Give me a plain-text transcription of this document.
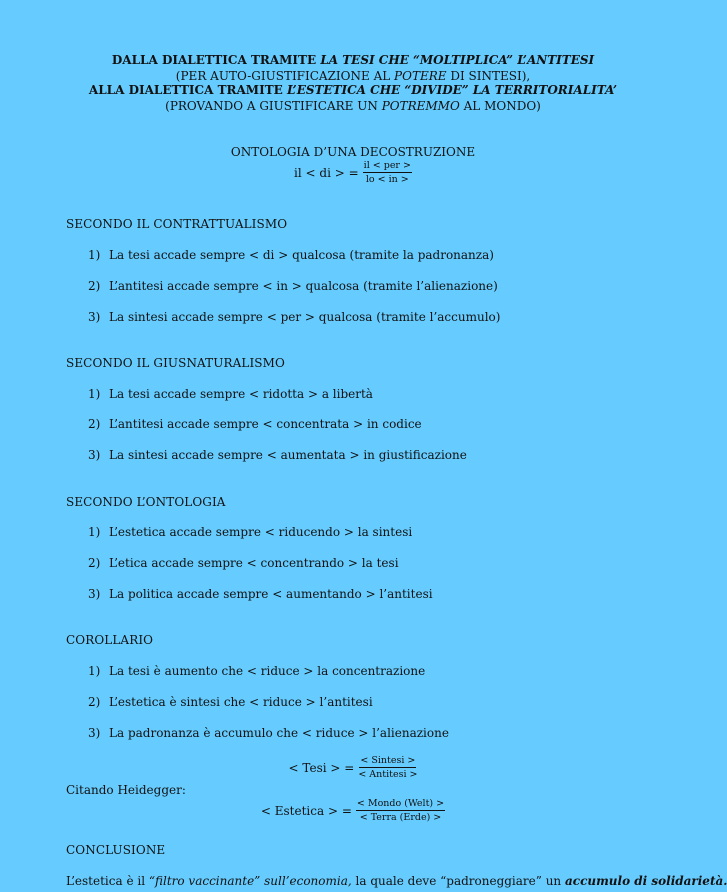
DALLA DIALETTICA TRAMITE LA TESI CHE “MOLTIPLICA” L’ANTITESI
(PER AUTO-GIUSTIFICAZIONE AL POTERE DI SINTESI),
ALLA DIALETTICA TRAMITE L’ESTETICA CHE “DIVIDE” LA TERRITORIALITA’
(PROVANDO A GIUSTIFICARE UN POTREMMO AL MONDO)
ONTOLOGIA D’UNA DECOSTRUZIONE
il < di > = $\frac{\text{il < per >}}{lo < in >}$
SECONDO IL CONTRATTUALISMO
1) La tesi accade sempre < di > qualcosa (tramite la padronanza)
2) L’antitesi accade sempre < in > qualcosa (tramite l’alienazione)
3) La sintesi accade sempre < per > qualcosa (tramite l’accumulo)
SECONDO IL GIUSNATURALISMO
1) La tesi accade sempre < ridotta > a libertà
2) L’antitesi accade sempre < concentrata > in codice
3) La sintesi accade sempre < aumentata > in giustificazione
SECONDO L’ONTOLOGIA
1) L’estetica accade sempre < riducendo > la sintesi
2) L’etica accade sempre < concentrando > la tesi
3) La politica accade sempre < aumentando > l’antitesi
COROLLARIO
1) La tesi è aumento che < riduce > la concentrazione
2) L’estetica è sintesi che < riduce > l’antitesi
3) La padronanza è accumulo che < riduce > l’alienazione
< Tesi > = $\frac{\text{< Sintesi >}}{\text{< Antitesi >}}$
Citando Heidegger:
< Estetica > = $\frac{\text{< Mondo (Welt) >}}{\text{< Terra (Erde) >}}$
CONCLUSIONE
L’estetica è il “filtro vaccinante” sull’economia, la quale deve “padroneggiare” un accumulo di solidarietà.
